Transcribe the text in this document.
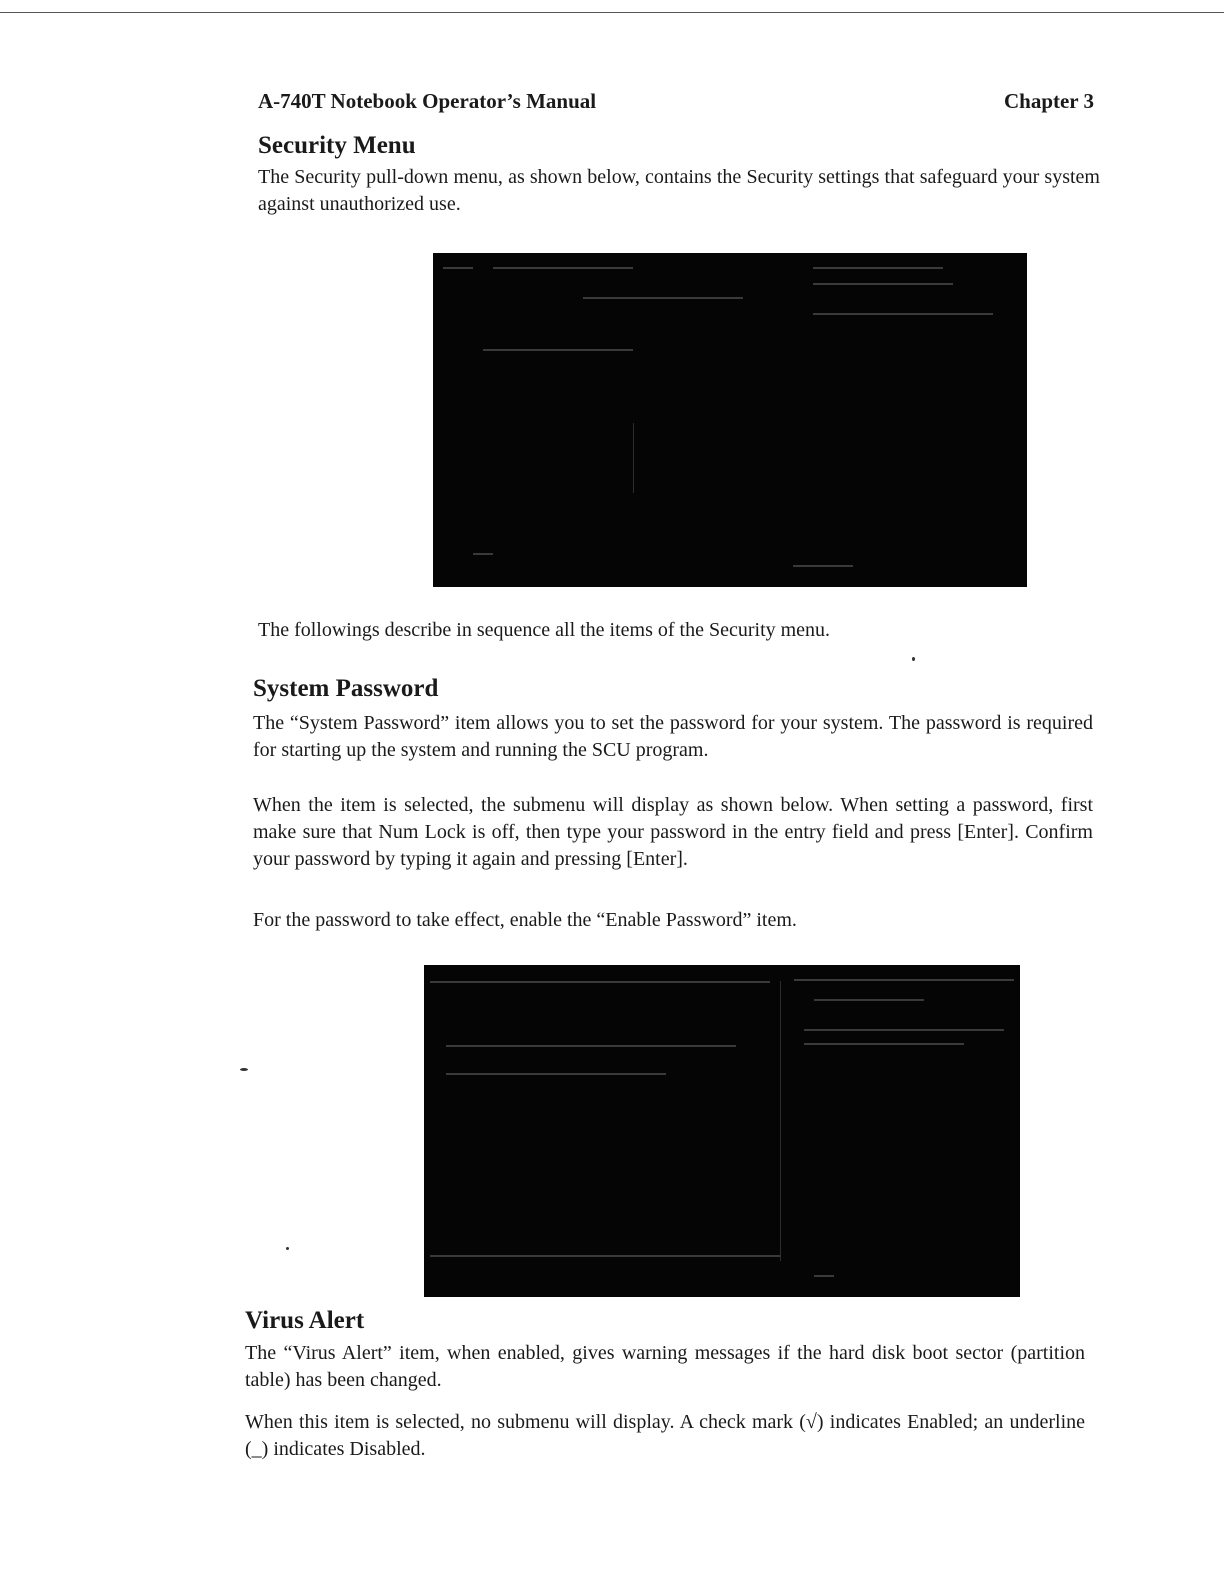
A-740T Notebook Operator’s Manual	Chapter 3
Security Menu

The Security pull-down menu, as shown below, contains the Security settings that safeguard your system against unauthorized use.

The followings describe in sequence all the items of the Security menu.

System Password

The “System Password” item allows you to set the password for your system. The password is required for starting up the system and running the SCU program.

When the item is selected, the submenu will display as shown below. When setting a password, first make sure that Num Lock is off, then type your password in the entry field and press [Enter]. Confirm your password by typing it again and pressing [Enter].

For the password to take effect, enable the “Enable Password” item.

Virus Alert

The “Virus Alert” item, when enabled, gives warning messages if the hard disk boot sector (partition table) has been changed.

When this item is selected, no submenu will display. A check mark (√) indicates Enabled; an underline (_) indicates Disabled.
